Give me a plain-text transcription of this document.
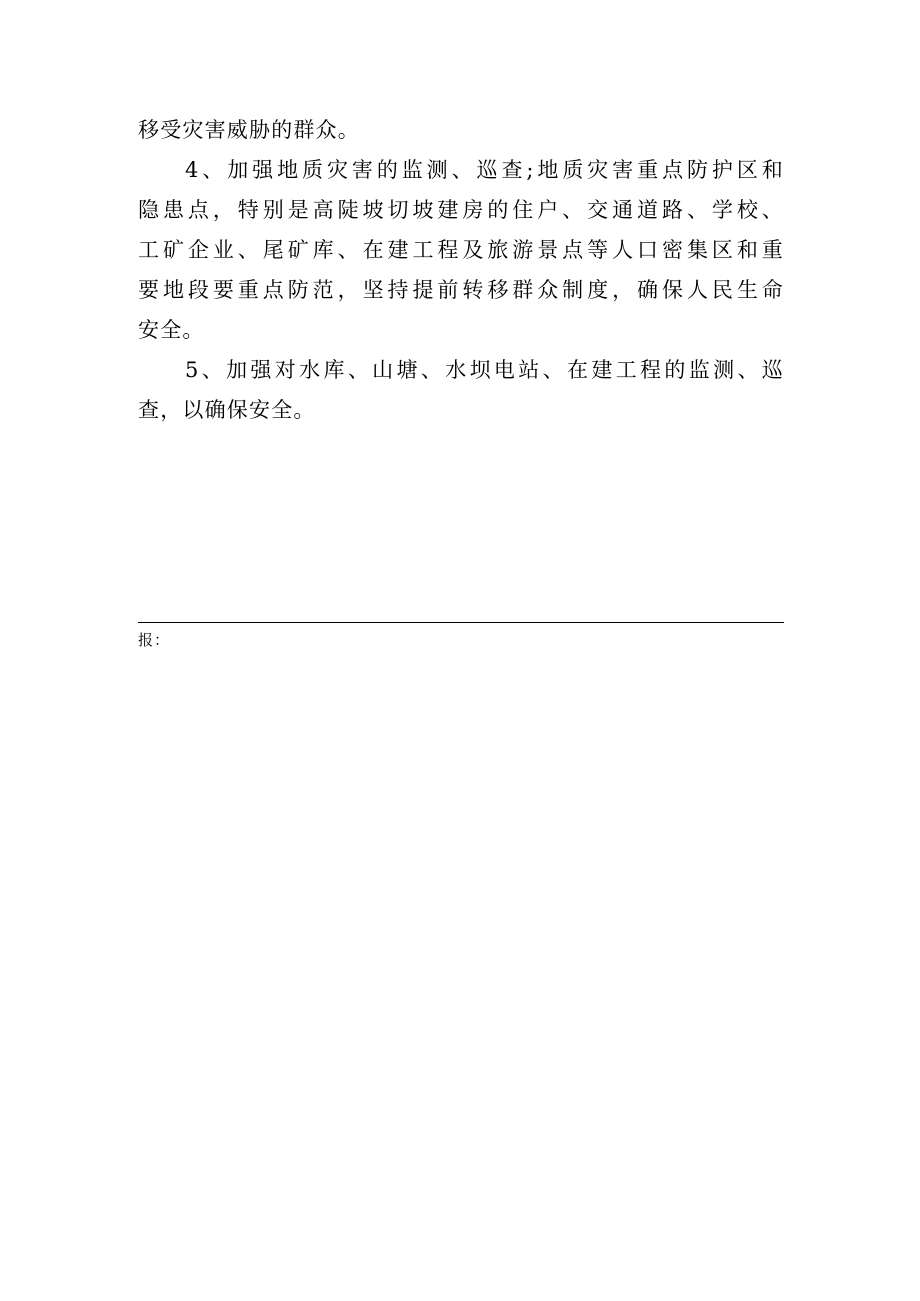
移受灾害威胁的群众。
4、加强地质灾害的监测、巡查;地质灾害重点防护区和
隐患点，特别是高陡坡切坡建房的住户、交通道路、学校、
工矿企业、尾矿库、在建工程及旅游景点等人口密集区和重
要地段要重点防范，坚持提前转移群众制度，确保人民生命
安全。
5、加强对水库、山塘、水坝电站、在建工程的监测、巡
查，以确保安全。
报：
